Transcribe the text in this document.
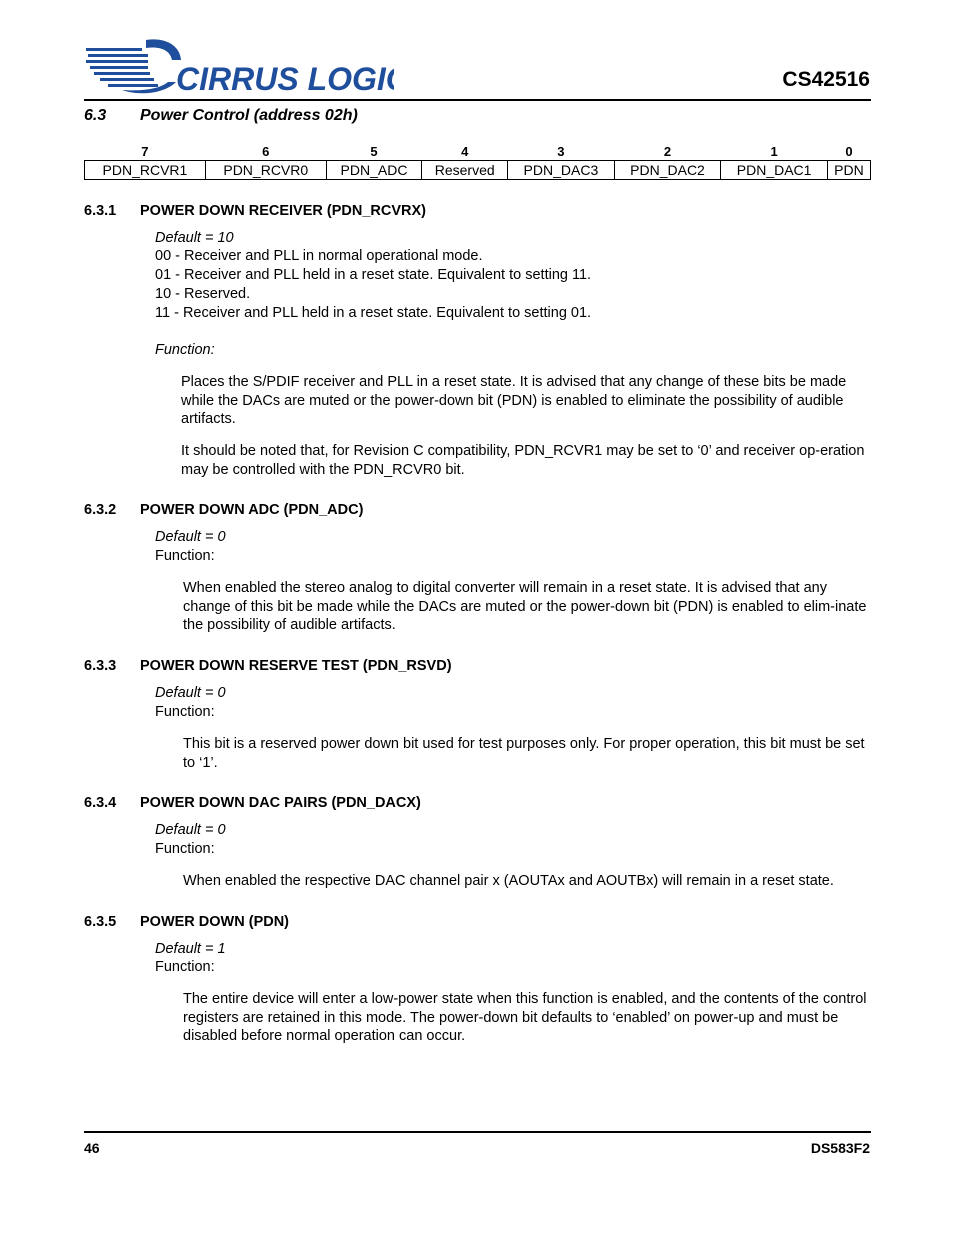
CIRRUS LOGIC	CS42516
6.3 Power Control (address 02h)
7	6	5	4	3	2	1	0
PDN_RCVR1	PDN_RCVR0	PDN_ADC	Reserved	PDN_DAC3	PDN_DAC2	PDN_DAC1	PDN
6.3.1 POWER DOWN RECEIVER (PDN_RCVRX)
Default = 10
00 - Receiver and PLL in normal operational mode.
01 - Receiver and PLL held in a reset state. Equivalent to setting 11.
10 - Reserved.
11 - Receiver and PLL held in a reset state. Equivalent to setting 01.
Function:
Places the S/PDIF receiver and PLL in a reset state. It is advised that any change of these bits be made while the DACs are muted or the power-down bit (PDN) is enabled to eliminate the possibility of audible artifacts.
It should be noted that, for Revision C compatibility, PDN_RCVR1 may be set to ‘0’ and receiver op-eration may be controlled with the PDN_RCVR0 bit.
6.3.2 POWER DOWN ADC (PDN_ADC)
Default = 0
Function:
When enabled the stereo analog to digital converter will remain in a reset state. It is advised that any change of this bit be made while the DACs are muted or the power-down bit (PDN) is enabled to elim-inate the possibility of audible artifacts.
6.3.3 POWER DOWN RESERVE TEST (PDN_RSVD)
Default = 0
Function:
This bit is a reserved power down bit used for test purposes only. For proper operation, this bit must be set to ‘1’.
6.3.4 POWER DOWN DAC PAIRS (PDN_DACX)
Default = 0
Function:
When enabled the respective DAC channel pair x (AOUTAx and AOUTBx) will remain in a reset state.
6.3.5 POWER DOWN (PDN)
Default = 1
Function:
The entire device will enter a low-power state when this function is enabled, and the contents of the control registers are retained in this mode. The power-down bit defaults to ‘enabled’ on power-up and must be disabled before normal operation can occur.
46	DS583F2
